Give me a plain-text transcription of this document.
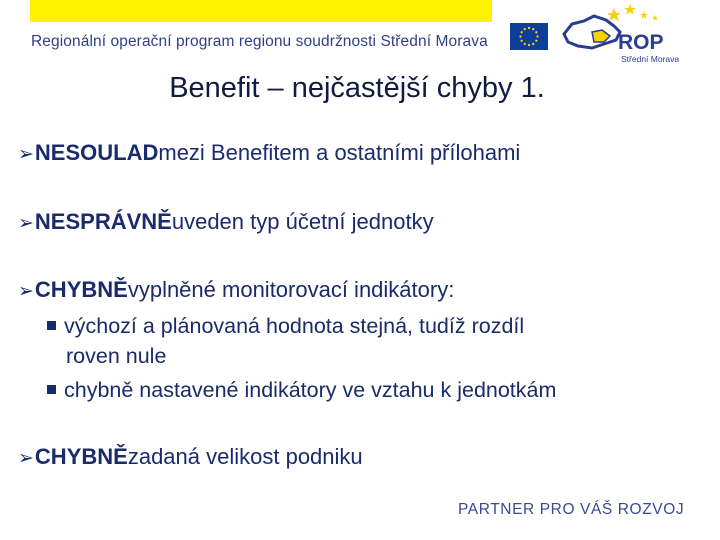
Regionální operační program regionu soudržnosti Střední Morava	ROP
Střední Morava
Benefit – nejčastější chyby 1.
➢ NESOULAD mezi Benefitem a ostatními přílohami
➢ NESPRÁVNĚ uveden typ účetní jednotky
➢ CHYBNĚ vyplněné monitorovací indikátory:
výchozí a plánovaná hodnota stejná, tudíž rozdíl
roven nule
chybně nastavené indikátory ve vztahu k jednotkám
➢ CHYBNĚ zadaná velikost podniku
PARTNER PRO VÁŠ ROZVOJ
